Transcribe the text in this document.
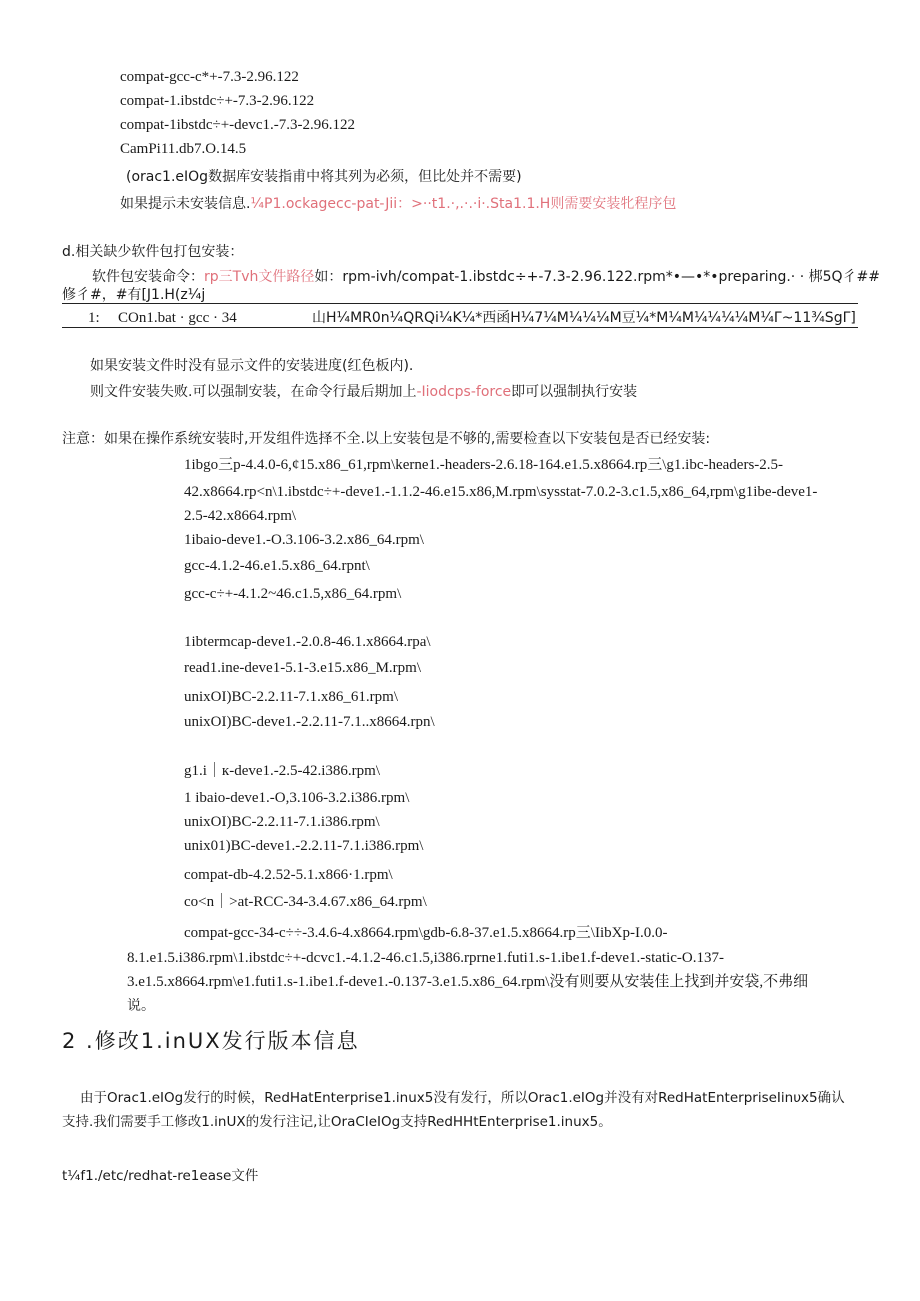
compat-gcc-c*+-7.3-2.96.122
compat-1.ibstdc÷+-7.3-2.96.122
compat-1ibstdc÷+-devc1.-7.3-2.96.122
CamPi11.db7.O.14.5
(orac1.eIOg数据库安装指甫中将其列为必须，但比处并不需要)
如果提示未安装信息.¼P1.ockagecc-pat-Jii：>··t1.·,.·.·i·.Sta1.1.H则需要安装牝程序包
d.相关缺少软件包打包安装：
软件包安装命令：rp三Tvh文件路径如：rpm-ivh/compat-1.ibstdc÷+-7.3-2.96.122.rpm*•—•*•preparing.· · 梆5Q彳##
修彳#，#有[J1.H(z¼j
1: COn1.bat · gcc · 34	山H¼MR0n¼QRQi¼K¼*西函H¼7¼M¼¼¼M豆¼*M¼M¼¼¼¼M¼Γ~11¾SgΓ]
如果安装文件时没有显示文件的安装进度(红色板内).
则文件安装失败.可以强制安装，在命令行最后期加上-Iiodcps-force即可以强制执行安装
注意：如果在操作系统安装时,开发组件选择不全.以上安装包是不够的,需要检查以下安装包是否已经安装:
1ibgo三p-4.4.0-6,¢15.x86_61,rpm\kerne1.-headers-2.6.18-164.e1.5.x8664.rp三\g1.ibc-headers-2.5-
42.x8664.rp<n\1.ibstdc÷+-deve1.-1.1.2-46.e15.x86,M.rpm\sysstat-7.0.2-3.c1.5,x86_64,rpm\g1ibe-deve1-
2.5-42.x8664.rpm\
1ibaio-deve1.-O.3.106-3.2.x86_64.rpm\
gcc-4.1.2-46.e1.5.x86_64.rpnt\
gcc-c÷+-4.1.2~46.c1.5,x86_64.rpm\
1ibtermcap-deve1.-2.0.8-46.1.x8664.rpa\
read1.ine-deve1-5.1-3.e15.x86_M.rpm\
unixOI)BC-2.2.11-7.1.x86_61.rpm\
unixOI)BC-deve1.-2.2.11-7.1..x8664.rpn\
g1.i｜к-deve1.-2.5-42.i386.rpm\
1 ibaio-deve1.-O,3.106-3.2.i386.rpm\
unixOI)BC-2.2.11-7.1.i386.rpm\
unix01)BC-deve1.-2.2.11-7.1.i386.rpm\
compat-db-4.2.52-5.1.x866·1.rpm\
co<n｜>at-RCC-34-3.4.67.x86_64.rpm\
compat-gcc-34-c÷÷-3.4.6-4.x8664.rpm\gdb-6.8-37.e1.5.x8664.rp三\IibXp-I.0.0-
8.1.e1.5.i386.rpm\1.ibstdc÷+-dcvc1.-4.1.2-46.c1.5,i386.rprne1.futi1.s-1.ibe1.f-deve1.-static-O.137-
3.e1.5.x8664.rpm\e1.futi1.s-1.ibe1.f-deve1.-0.137-3.e1.5.x86_64.rpm\没有则要从安装佳上找到并安袋,不弗细
说。
2 .修改1.inUX发行版本信息
由于Orac1.eIOg发行的时候，RedHatEnterprise1.inux5没有发行，所以Orac1.eIOg并没有对RedHatEnterpriseIinυx5确认
支持.我们需要手工修改1.inUX的发行注记,让OraCIeIOg支持RedHHtEnterprise1.inux5。
t¼f1./etc/redhat-re1ease文件
